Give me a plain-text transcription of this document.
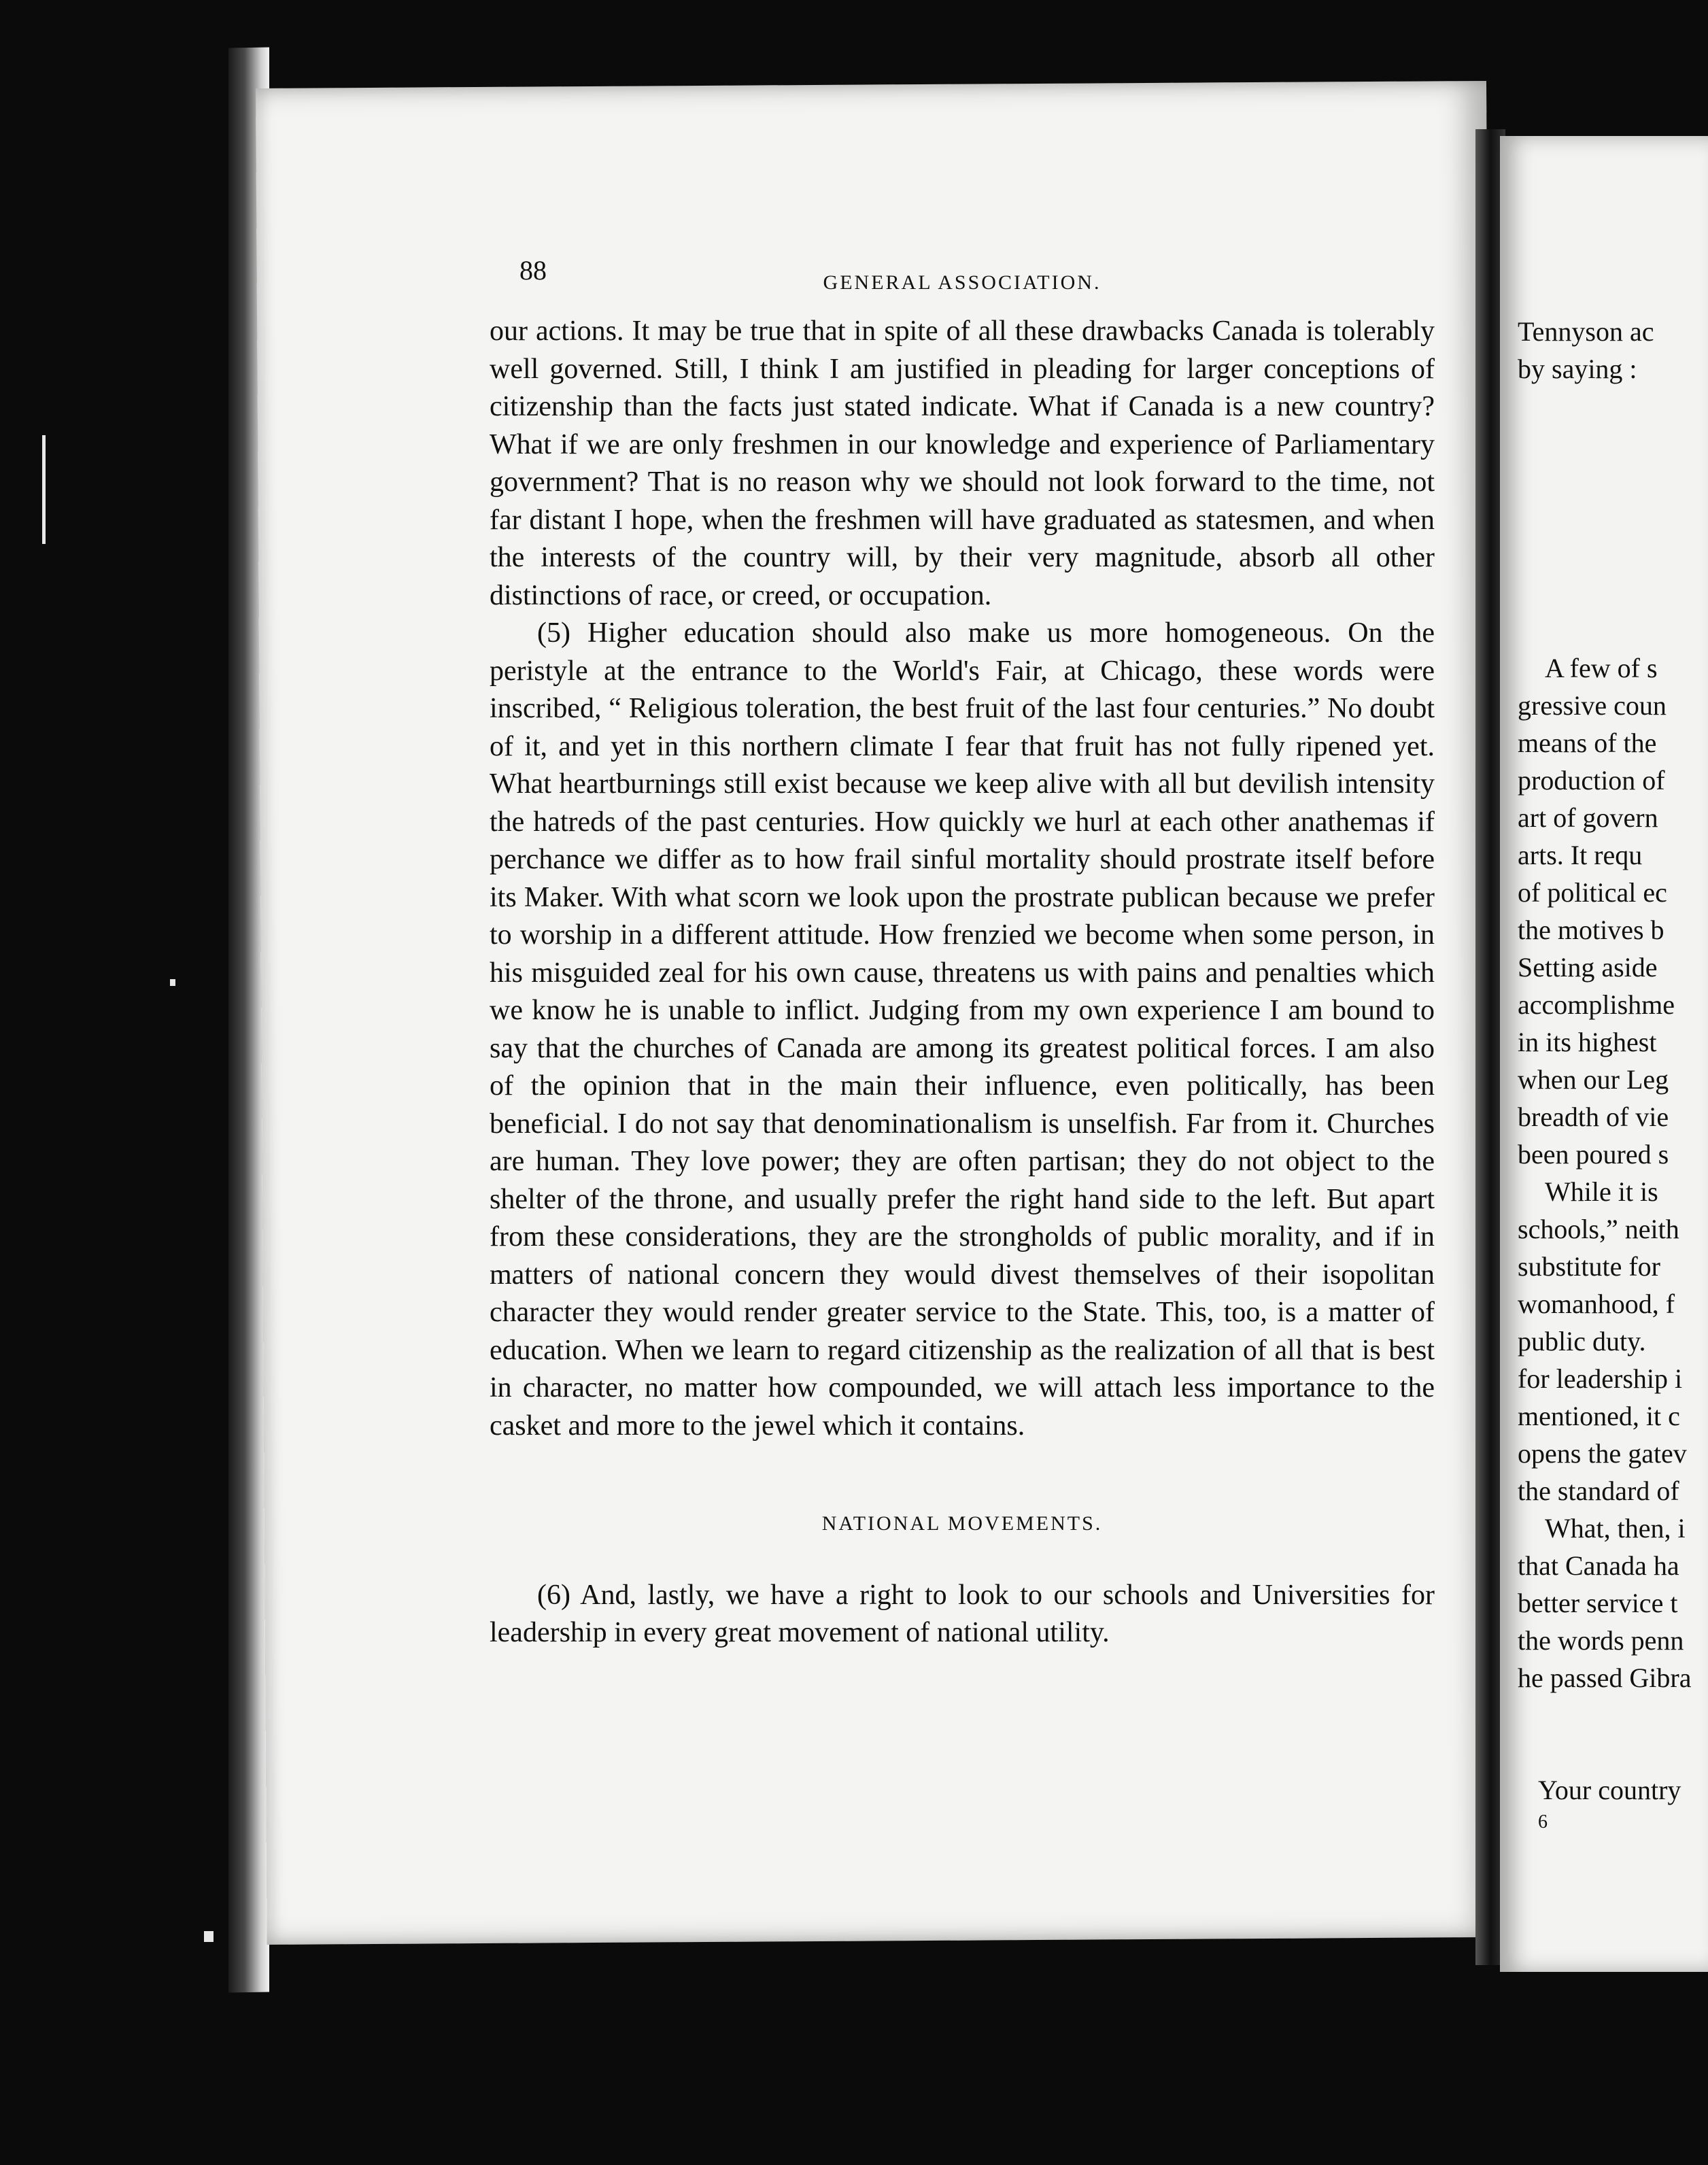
88	GENERAL ASSOCIATION.

our actions. It may be true that in spite of all these drawbacks Canada is tolerably well governed. Still, I think I am justified in pleading for larger conceptions of citizenship than the facts just stated indicate. What if Canada is a new country? What if we are only freshmen in our knowledge and experience of Parliamentary government? That is no reason why we should not look forward to the time, not far distant I hope, when the freshmen will have graduated as statesmen, and when the interests of the country will, by their very magnitude, absorb all other distinctions of race, or creed, or occupation.

(5) Higher education should also make us more homogeneous. On the peristyle at the entrance to the World's Fair, at Chicago, these words were inscribed, “ Religious toleration, the best fruit of the last four centuries.” No doubt of it, and yet in this northern climate I fear that fruit has not fully ripened yet. What heartburnings still exist because we keep alive with all but devilish intensity the hatreds of the past centuries. How quickly we hurl at each other anathemas if perchance we differ as to how frail sinful mortality should prostrate itself before its Maker. With what scorn we look upon the prostrate publican because we prefer to worship in a different attitude. How frenzied we become when some person, in his misguided zeal for his own cause, threatens us with pains and penalties which we know he is unable to inflict. Judging from my own experience I am bound to say that the churches of Canada are among its greatest political forces. I am also of the opinion that in the main their influence, even politically, has been beneficial. I do not say that denominationalism is unselfish. Far from it. Churches are human. They love power; they are often partisan; they do not object to the shelter of the throne, and usually prefer the right hand side to the left. But apart from these considerations, they are the strongholds of public morality, and if in matters of national concern they would divest themselves of their isopolitan character they would render greater service to the State. This, too, is a matter of education. When we learn to regard citizenship as the realization of all that is best in character, no matter how compounded, we will attach less importance to the casket and more to the jewel which it contains.

NATIONAL MOVEMENTS.

(6) And, lastly, we have a right to look to our schools and Universities for leadership in every great movement of national utility.

Tennyson ac
by saying :
A few of s
gressive coun
means of the
production of
art of govern
arts. It requ
of political ec
the motives b
Setting aside
accomplishme
in its highest
when our Leg
breadth of vie
been poured s
While it is
schools,” neith
substitute for
womanhood, f
public duty.
for leadership i
mentioned, it c
opens the gatev
the standard of
What, then, i
that Canada ha
better service t
the words penn
he passed Gibra
Your country
6
